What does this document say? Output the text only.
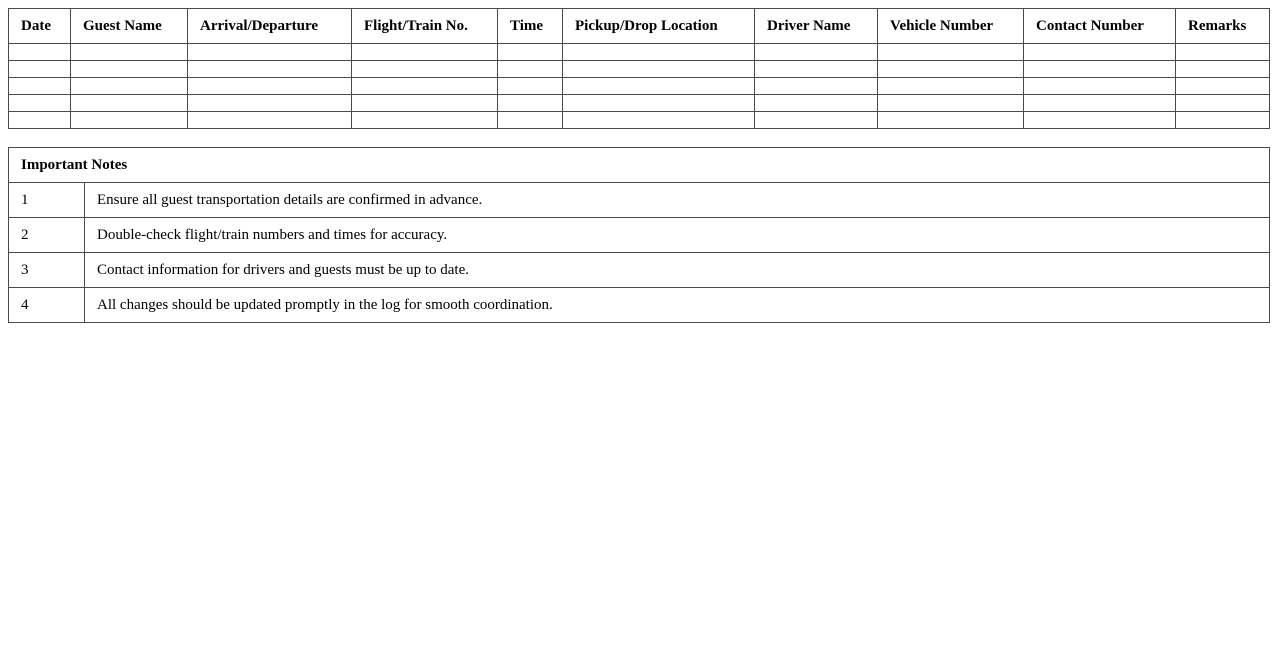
Date	Guest Name	Arrival/Departure	Flight/Train No.	Time	Pickup/Drop Location	Driver Name	Vehicle Number	Contact Number	Remarks

Important Notes	
1	Ensure all guest transportation details are confirmed in advance.
2	Double-check flight/train numbers and times for accuracy.
3	Contact information for drivers and guests must be up to date.
4	All changes should be updated promptly in the log for smooth coordination.
